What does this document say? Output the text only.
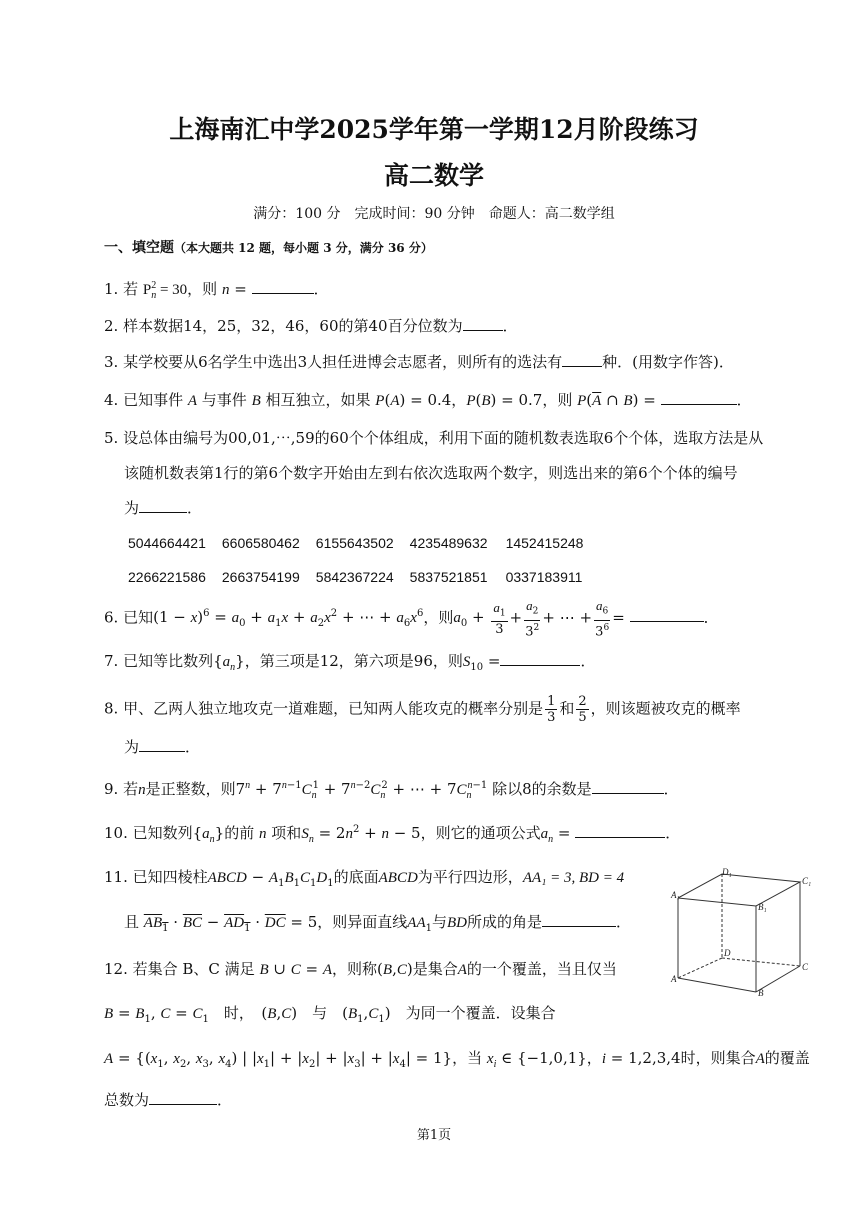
上海南汇中学2025学年第一学期12月阶段练习
高二数学
满分：100 分　完成时间：90 分钟　命题人：高二数学组
一、填空题（本大题共 12 题，每小题 3 分，满分 36 分）
1. 若 $P_n^2 = 30$，则 n =	．
2. 样本数据14，25，32，46，60的第40百分位数为	．
3. 某学校要从6名学生中选出3人担任进博会志愿者，则所有的选法有	种．(用数字作答)．
4. 已知事件 A 与事件 B 相互独立，如果 P(A) = 0.4，P(B) = 0.7，则 $P(\overline{A}$ ∩ B) =	．
5. 设总体由编号为00,01,⋯,59的60个个体组成，利用下面的随机数表选取6个个体，选取方法是从
该随机数表第1行的第6个数字开始由左到右依次选取两个数字，则选出来的第6个个体的编号
为	．
5044664421 6606580462 6155643502 4235489632 1452415248
2266221586 2663754199 5842367224 5837521851 0337183911
6. 已知$(1 - x)^6 = a_0 + a_1x + a_2x^2$ + ⋯ + $a_6x^6$，则$a_0 + \frac{a_1}{3} + \frac{a_2}{3^2}$ + ⋯ + $\frac{a_6}{3^6}$ =	．
7. 已知等比数列$\{a_n\}$，第三项是12，第六项是96，则$S_{10}$ =	．
8. 甲、乙两人独立地攻克一道难题，已知两人能攻克的概率分别是 $\frac{1}{3}$ 和 $\frac{2}{5}$ ，则该题被攻克的概率
为	．
9. 若n是正整数，则$7^n + 7^{n-1}C_n^1 + 7^{n-2}C_n^2$ + ⋯ + $7C_n^{n-1}$ 除以8的余数是	．
10. 已知数列$\{a_n\}$的前 n 项和$S_n = 2n^2 + n - 5$，则它的通项公式$a_n$ =	．
11. 已知四棱柱ABCD − $A_1B_1C_1D_1$的底面ABCD为平行四边形，AA₁ = 3, BD = 4
且 $AB_1 \cdot \overline{BC} - AD_1 \cdot \overline{DC} = 5$，则异面直线$AA_1$与BD所成的角是	．
12. 若集合 B、C 满足 B ∪ C = A，则称(B,C)是集合A的一个覆盖，当且仅当
$B = B_1$, $C = C_1$　 时，　(B,C)　与　$(B_1,C_1)$　为同一个覆盖．设集合
$A = \{(x_1$, $x_2$, $x_3$, $x_4$) | $|x_1| + |x_2| + |x_3| + |x_4| = 1$}，当 $x_i$ ∈ {−1,0,1}，i = 1,2,3,4时，则集合A的覆盖
总数为	．
D₁
C₁
A₁
B₁
D
C
A
B
第1页
